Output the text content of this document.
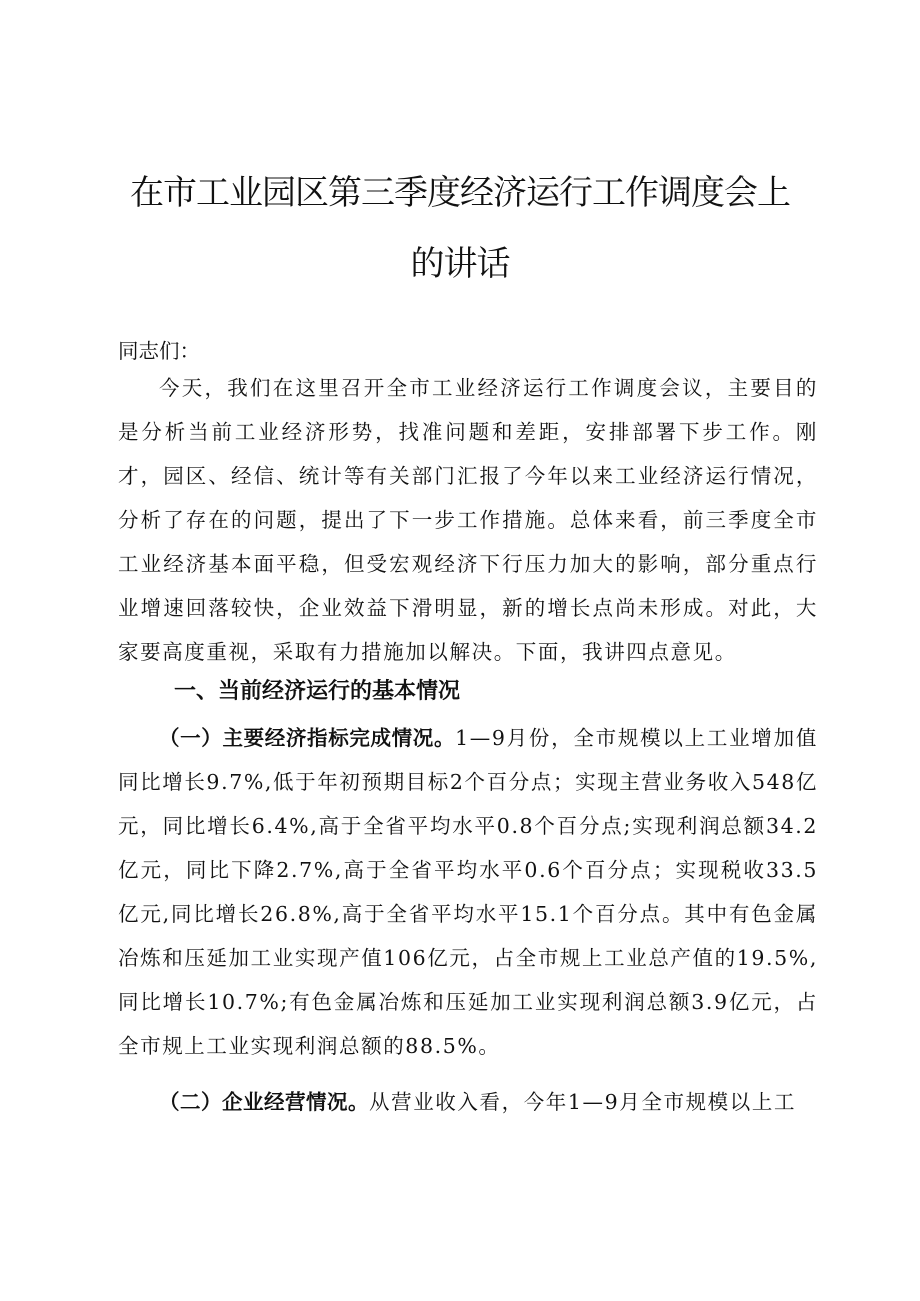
在市工业园区第三季度经济运行工作调度会上
的讲话

同志们：

今天，我们在这里召开全市工业经济运行工作调度会议，主要目的是分析当前工业经济形势，找准问题和差距，安排部署下步工作。刚才，园区、经信、统计等有关部门汇报了今年以来工业经济运行情况，分析了存在的问题，提出了下一步工作措施。总体来看，前三季度全市工业经济基本面平稳，但受宏观经济下行压力加大的影响，部分重点行业增速回落较快，企业效益下滑明显，新的增长点尚未形成。对此，大家要高度重视，采取有力措施加以解决。下面，我讲四点意见。

一、当前经济运行的基本情况

（一）主要经济指标完成情况。1—9月份，全市规模以上工业增加值同比增长9.7%,低于年初预期目标2个百分点；实现主营业务收入548亿元，同比增长6.4%,高于全省平均水平0.8个百分点;实现利润总额34.2亿元，同比下降2.7%,高于全省平均水平0.6个百分点；实现税收33.5亿元,同比增长26.8%,高于全省平均水平15.1个百分点。其中有色金属冶炼和压延加工业实现产值106亿元，占全市规上工业总产值的19.5%,同比增长10.7%;有色金属冶炼和压延加工业实现利润总额3.9亿元，占全市规上工业实现利润总额的88.5%。

（二）企业经营情况。从营业收入看，今年1—9月全市规模以上工
